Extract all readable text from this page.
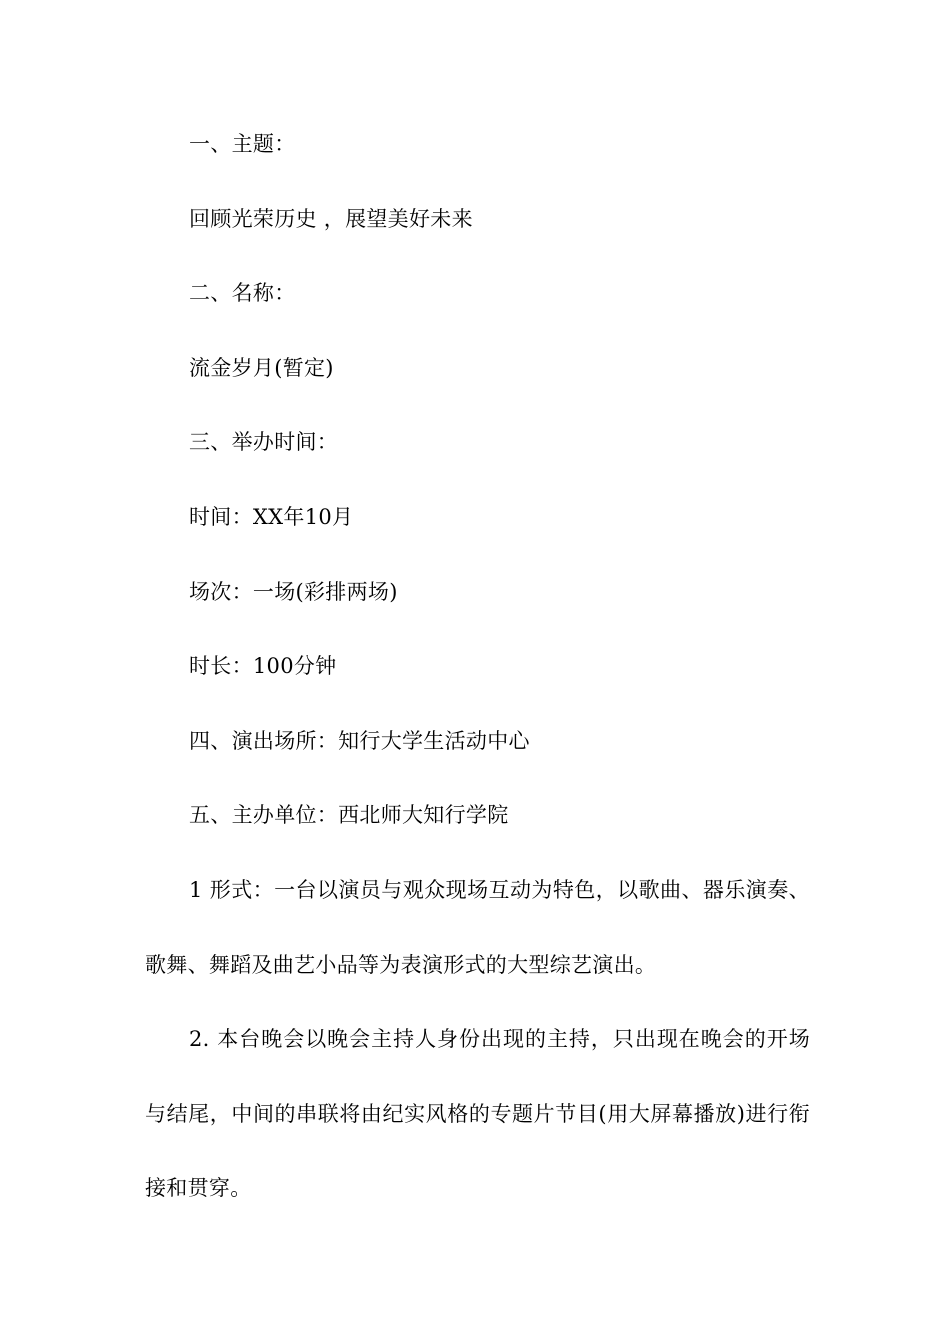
一、主题：
回顾光荣历史 ，展望美好未来
二、名称：
流金岁月(暂定)
三、举办时间：
时间：XX年10月
场次：一场(彩排两场)
时长：100分钟
四、演出场所：知行大学生活动中心
五、主办单位：西北师大知行学院

1 形式：一台以演员与观众现场互动为特色，以歌曲、器乐演奏、歌舞、舞蹈及曲艺小品等为表演形式的大型综艺演出。

2. 本台晚会以晚会主持人身份出现的主持，只出现在晚会的开场与结尾，中间的串联将由纪实风格的专题片节目(用大屏幕播放)进行衔接和贯穿。
